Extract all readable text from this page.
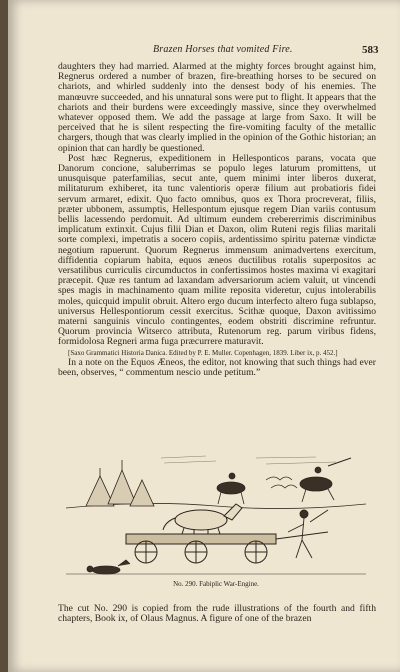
Brazen Horses that vomited Fire.	583

daughters they had married. Alarmed at the mighty forces brought against him, Regnerus ordered a number of brazen, fire-breathing horses to be secured on chariots, and whirled suddenly into the densest body of his enemies. The manœuvre succeeded, and his unnatural sons were put to flight. It appears that the chariots and their burdens were exceedingly massive, since they overwhelmed whatever opposed them. We add the passage at large from Saxo. It will be perceived that he is silent respecting the fire-vomiting faculty of the metallic chargers, though that was clearly implied in the opinion of the Gothic historian; an opinion that can hardly be questioned.

Post hæc Regnerus, expeditionem in Hellesponticos parans, vocata que Danorum concione, saluberrimas se populo leges laturum promittens, ut unusquisque paterfamilias, secut ante, quem minimi inter liberos duxerat, militaturum exhiberet, ita tunc valentioris operæ filium aut probatioris fidei servum armaret, edixit. Quo facto omnibus, quos ex Thora procreverat, filiis, præter ubbonem, assumptis, Hellespontum ejusque regem Dian variis contusum bellis lacessendo perdomuit. Ad ultimum eundem crebererrimis discriminibus implicatum extinxit. Cujus filii Dian et Daxon, olim Ruteni regis filias maritali sorte complexi, impetratis a socero copiis, ardentissimo spiritu paternæ vindictæ negotium rapuerunt. Quorum Regnerus immensum animadvertens exercitum, diffidentia copiarum habita, equos æneos ductilibus rotalis superpositos ac versatilibus curriculis circumductos in confertissimos hostes maxima vi exagitari præcepit. Quæ res tantum ad laxandam adversariorum aciem valuit, ut vincendi spes magis in machinamento quam milite reposita videretur, cujus intolerabilis moles, quicquid impulit obruit. Altero ergo ducum interfecto altero fuga sublapso, universus Hellespontiorum cessit exercitus. Scithæ quoque, Daxon avitissimo materni sanguinis vinculo contingentes, eodem obstriti discrimine refruntur. Quorum provincia Witserco attributa, Rutenorum reg. parum viribus fidens, formidolosa Regneri arma fuga præcurrere maturavit.

[Saxo Grammatici Historia Danica. Edited by P. E. Muller. Copenhagen, 1839. Liber ix, p. 452.]

In a note on the Equos Æneos, the editor, not knowing that such things had ever been, observes, “ commentum nescio unde petitum.”

No. 290. Fabiplic War-Engine.
The cut No. 290 is copied from the rude illustrations of the fourth and fifth chapters, Book ix, of Olaus Magnus. A figure of one of the brazen
